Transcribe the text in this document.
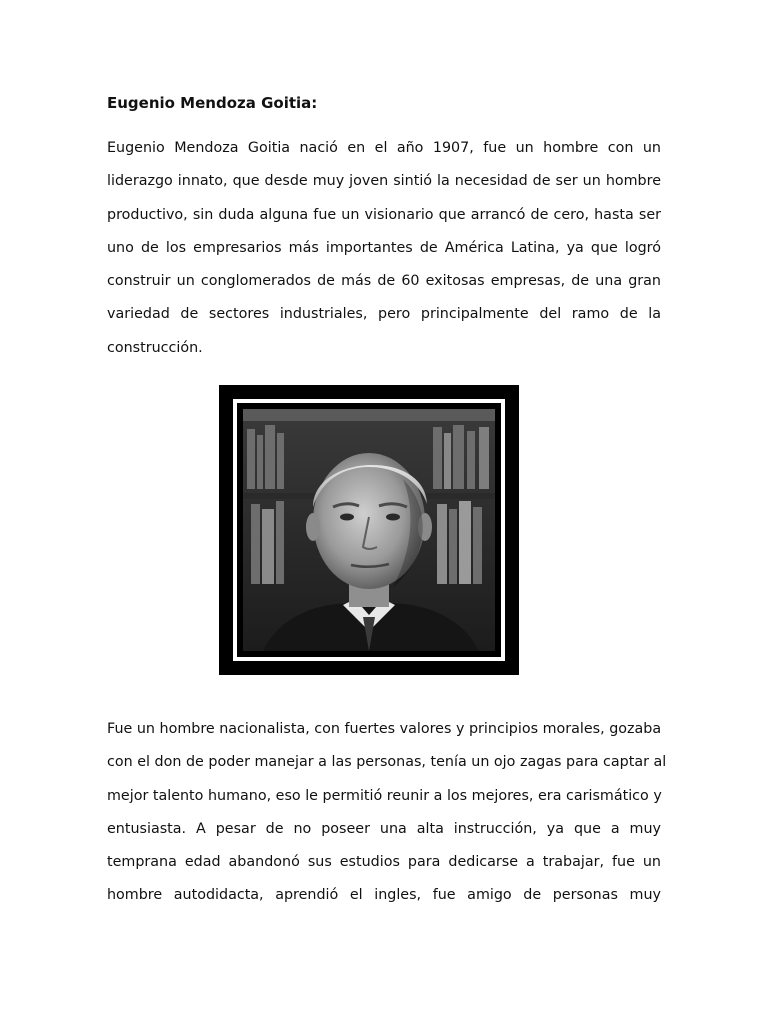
Eugenio Mendoza Goitia:
Eugenio Mendoza Goitia nació en el año 1907, fue un hombre con un
liderazgo innato, que desde muy joven sintió la necesidad de ser un hombre
productivo, sin duda alguna fue un visionario que arrancó de cero, hasta ser
uno de los empresarios más importantes de América Latina, ya que logró
construir un conglomerados de más de 60 exitosas empresas, de una gran
variedad de sectores industriales, pero principalmente del ramo de la
construcción.
Fue un hombre nacionalista, con fuertes valores y principios morales, gozaba
con el don de poder manejar a las personas, tenía un ojo zagas para captar al
mejor talento humano, eso le permitió reunir a los mejores, era carismático y
entusiasta. A pesar de no poseer una alta instrucción, ya que a muy
temprana edad abandonó sus estudios para dedicarse a trabajar, fue un
hombre autodidacta, aprendió el ingles, fue amigo de personas muy
